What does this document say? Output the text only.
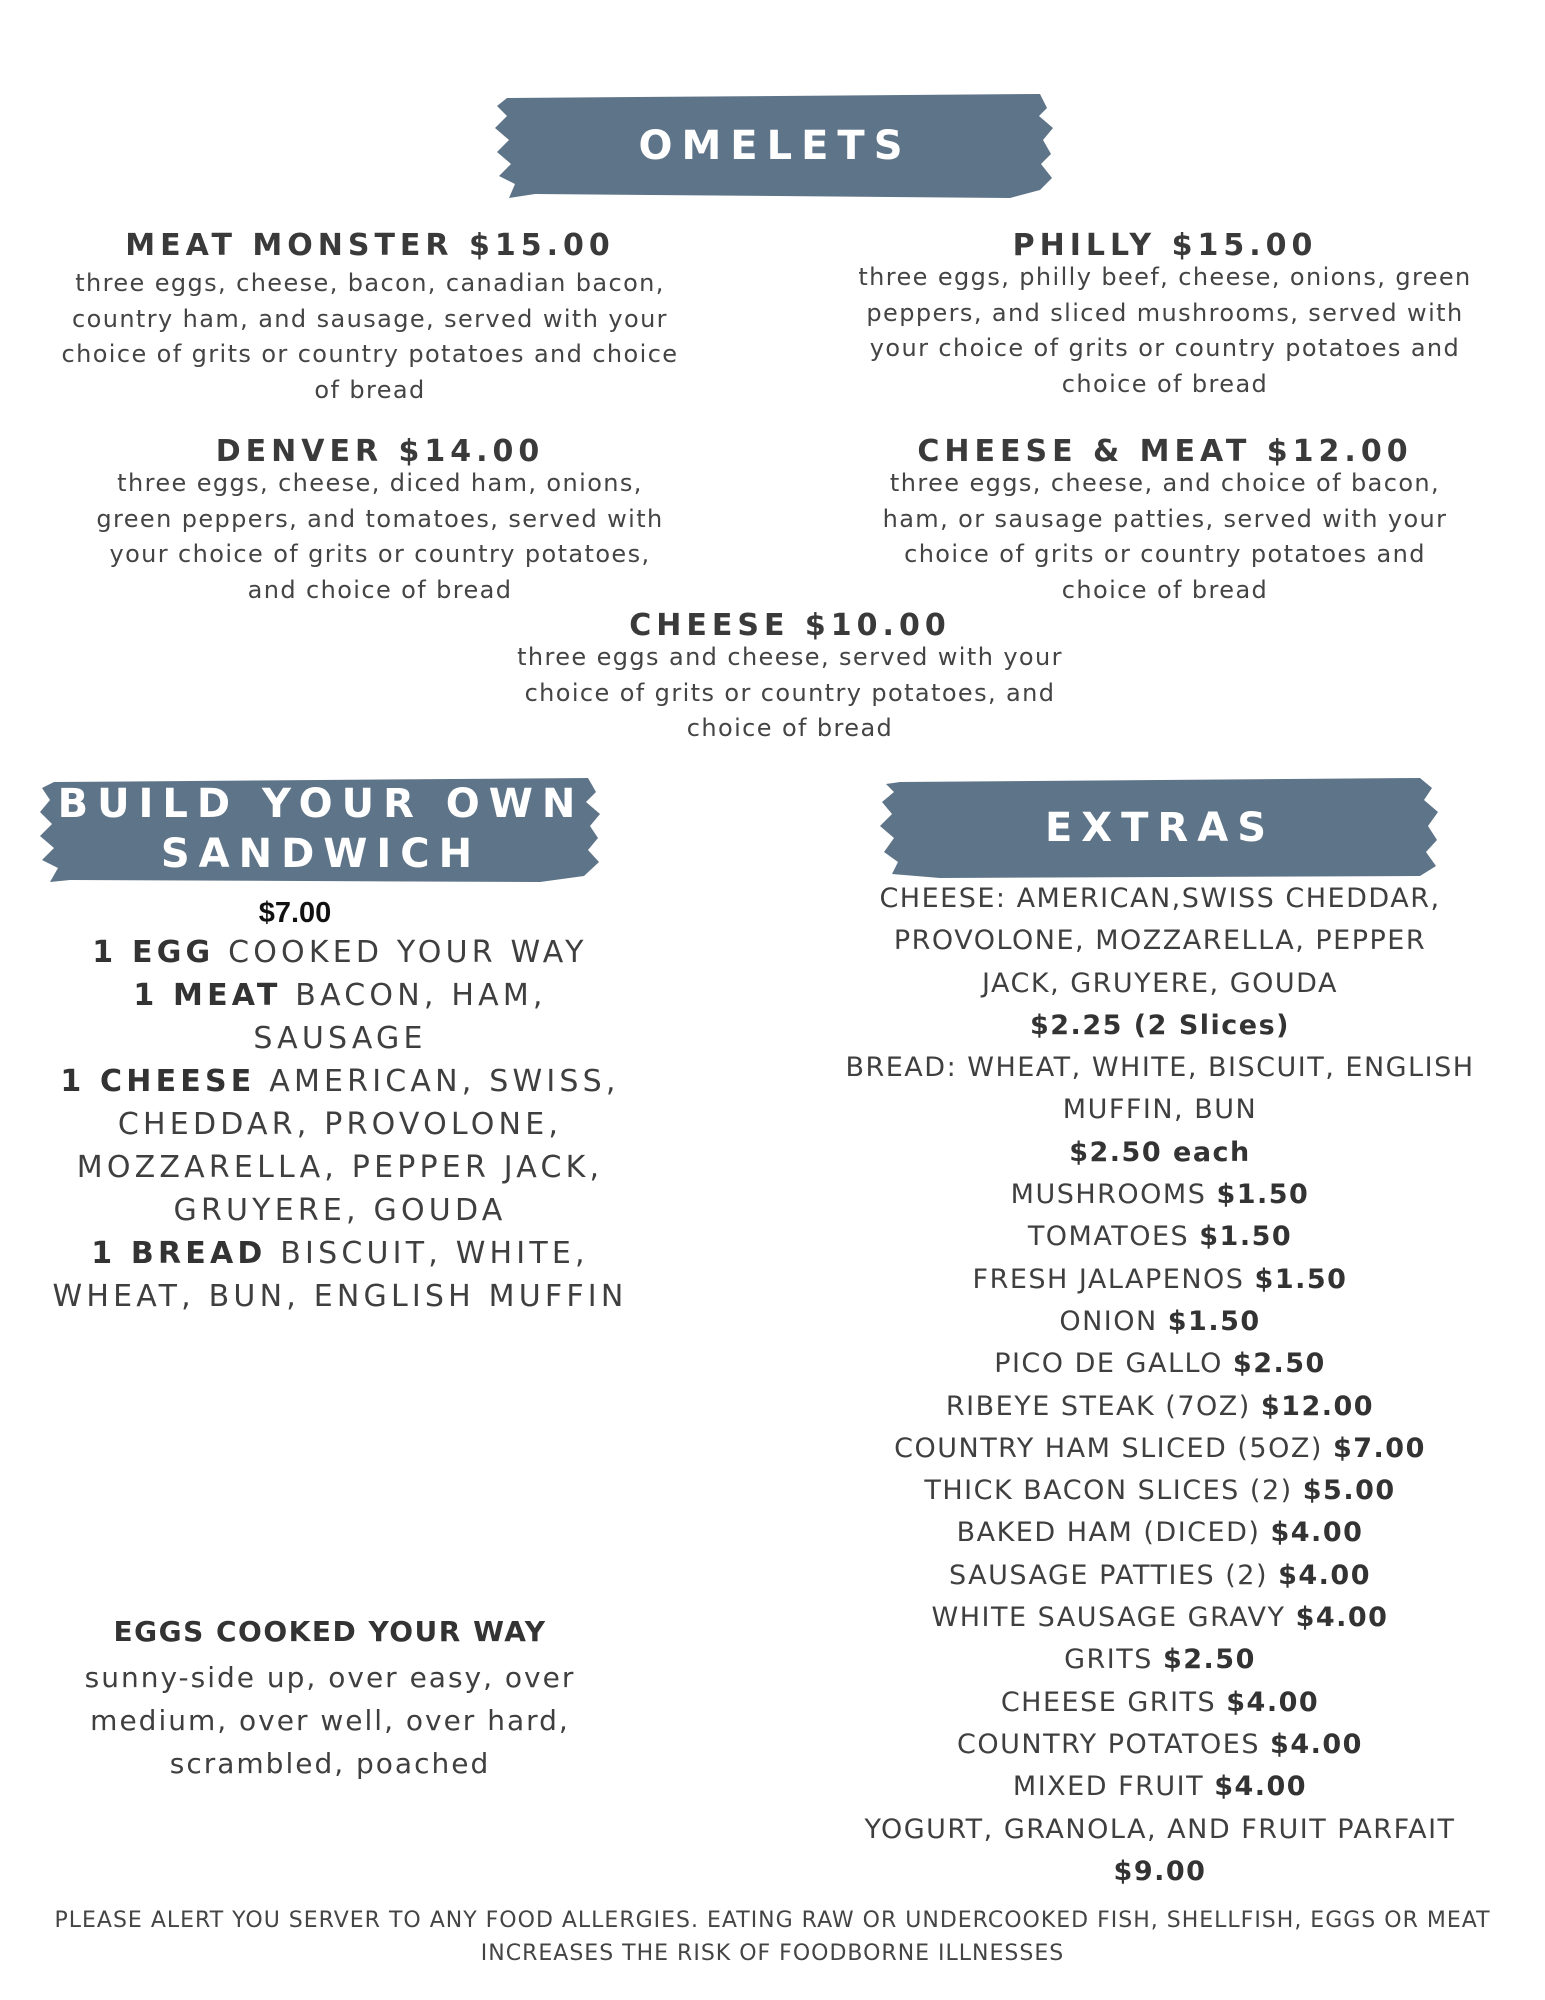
OMELETS
MEAT MONSTER $15.00
three eggs, cheese, bacon, canadian bacon,
country ham, and sausage, served with your
choice of grits or country potatoes and choice
of bread
PHILLY $15.00
three eggs, philly beef, cheese, onions, green
peppers, and sliced mushrooms, served with
your choice of grits or country potatoes and
choice of bread
DENVER $14.00
three eggs, cheese, diced ham, onions,
green peppers, and tomatoes, served with
your choice of grits or country potatoes,
and choice of bread
CHEESE & MEAT $12.00
three eggs, cheese, and choice of bacon,
ham, or sausage patties, served with your
choice of grits or country potatoes and
choice of bread
CHEESE $10.00
three eggs and cheese, served with your
choice of grits or country potatoes, and
choice of bread
BUILD YOUR OWN
SANDWICH
$7.00
1 EGG COOKED YOUR WAY
1 MEAT BACON, HAM,
SAUSAGE
1 CHEESE AMERICAN, SWISS,
CHEDDAR, PROVOLONE,
MOZZARELLA, PEPPER JACK,
GRUYERE, GOUDA
1 BREAD BISCUIT, WHITE,
WHEAT, BUN, ENGLISH MUFFIN
EGGS COOKED YOUR WAY
sunny-side up, over easy, over
medium, over well, over hard,
scrambled, poached
EXTRAS
CHEESE: AMERICAN,SWISS CHEDDAR,
PROVOLONE, MOZZARELLA, PEPPER
JACK, GRUYERE, GOUDA
$2.25 (2 Slices)
BREAD: WHEAT, WHITE, BISCUIT, ENGLISH
MUFFIN, BUN
$2.50 each
MUSHROOMS $1.50
TOMATOES $1.50
FRESH JALAPENOS $1.50
ONION $1.50
PICO DE GALLO $2.50
RIBEYE STEAK (7OZ) $12.00
COUNTRY HAM SLICED (5OZ) $7.00
THICK BACON SLICES (2) $5.00
BAKED HAM (DICED) $4.00
SAUSAGE PATTIES (2) $4.00
WHITE SAUSAGE GRAVY $4.00
GRITS $2.50
CHEESE GRITS $4.00
COUNTRY POTATOES $4.00
MIXED FRUIT $4.00
YOGURT, GRANOLA, AND FRUIT PARFAIT
$9.00
PLEASE ALERT YOU SERVER TO ANY FOOD ALLERGIES. EATING RAW OR UNDERCOOKED FISH, SHELLFISH, EGGS OR MEAT
INCREASES THE RISK OF FOODBORNE ILLNESSES
